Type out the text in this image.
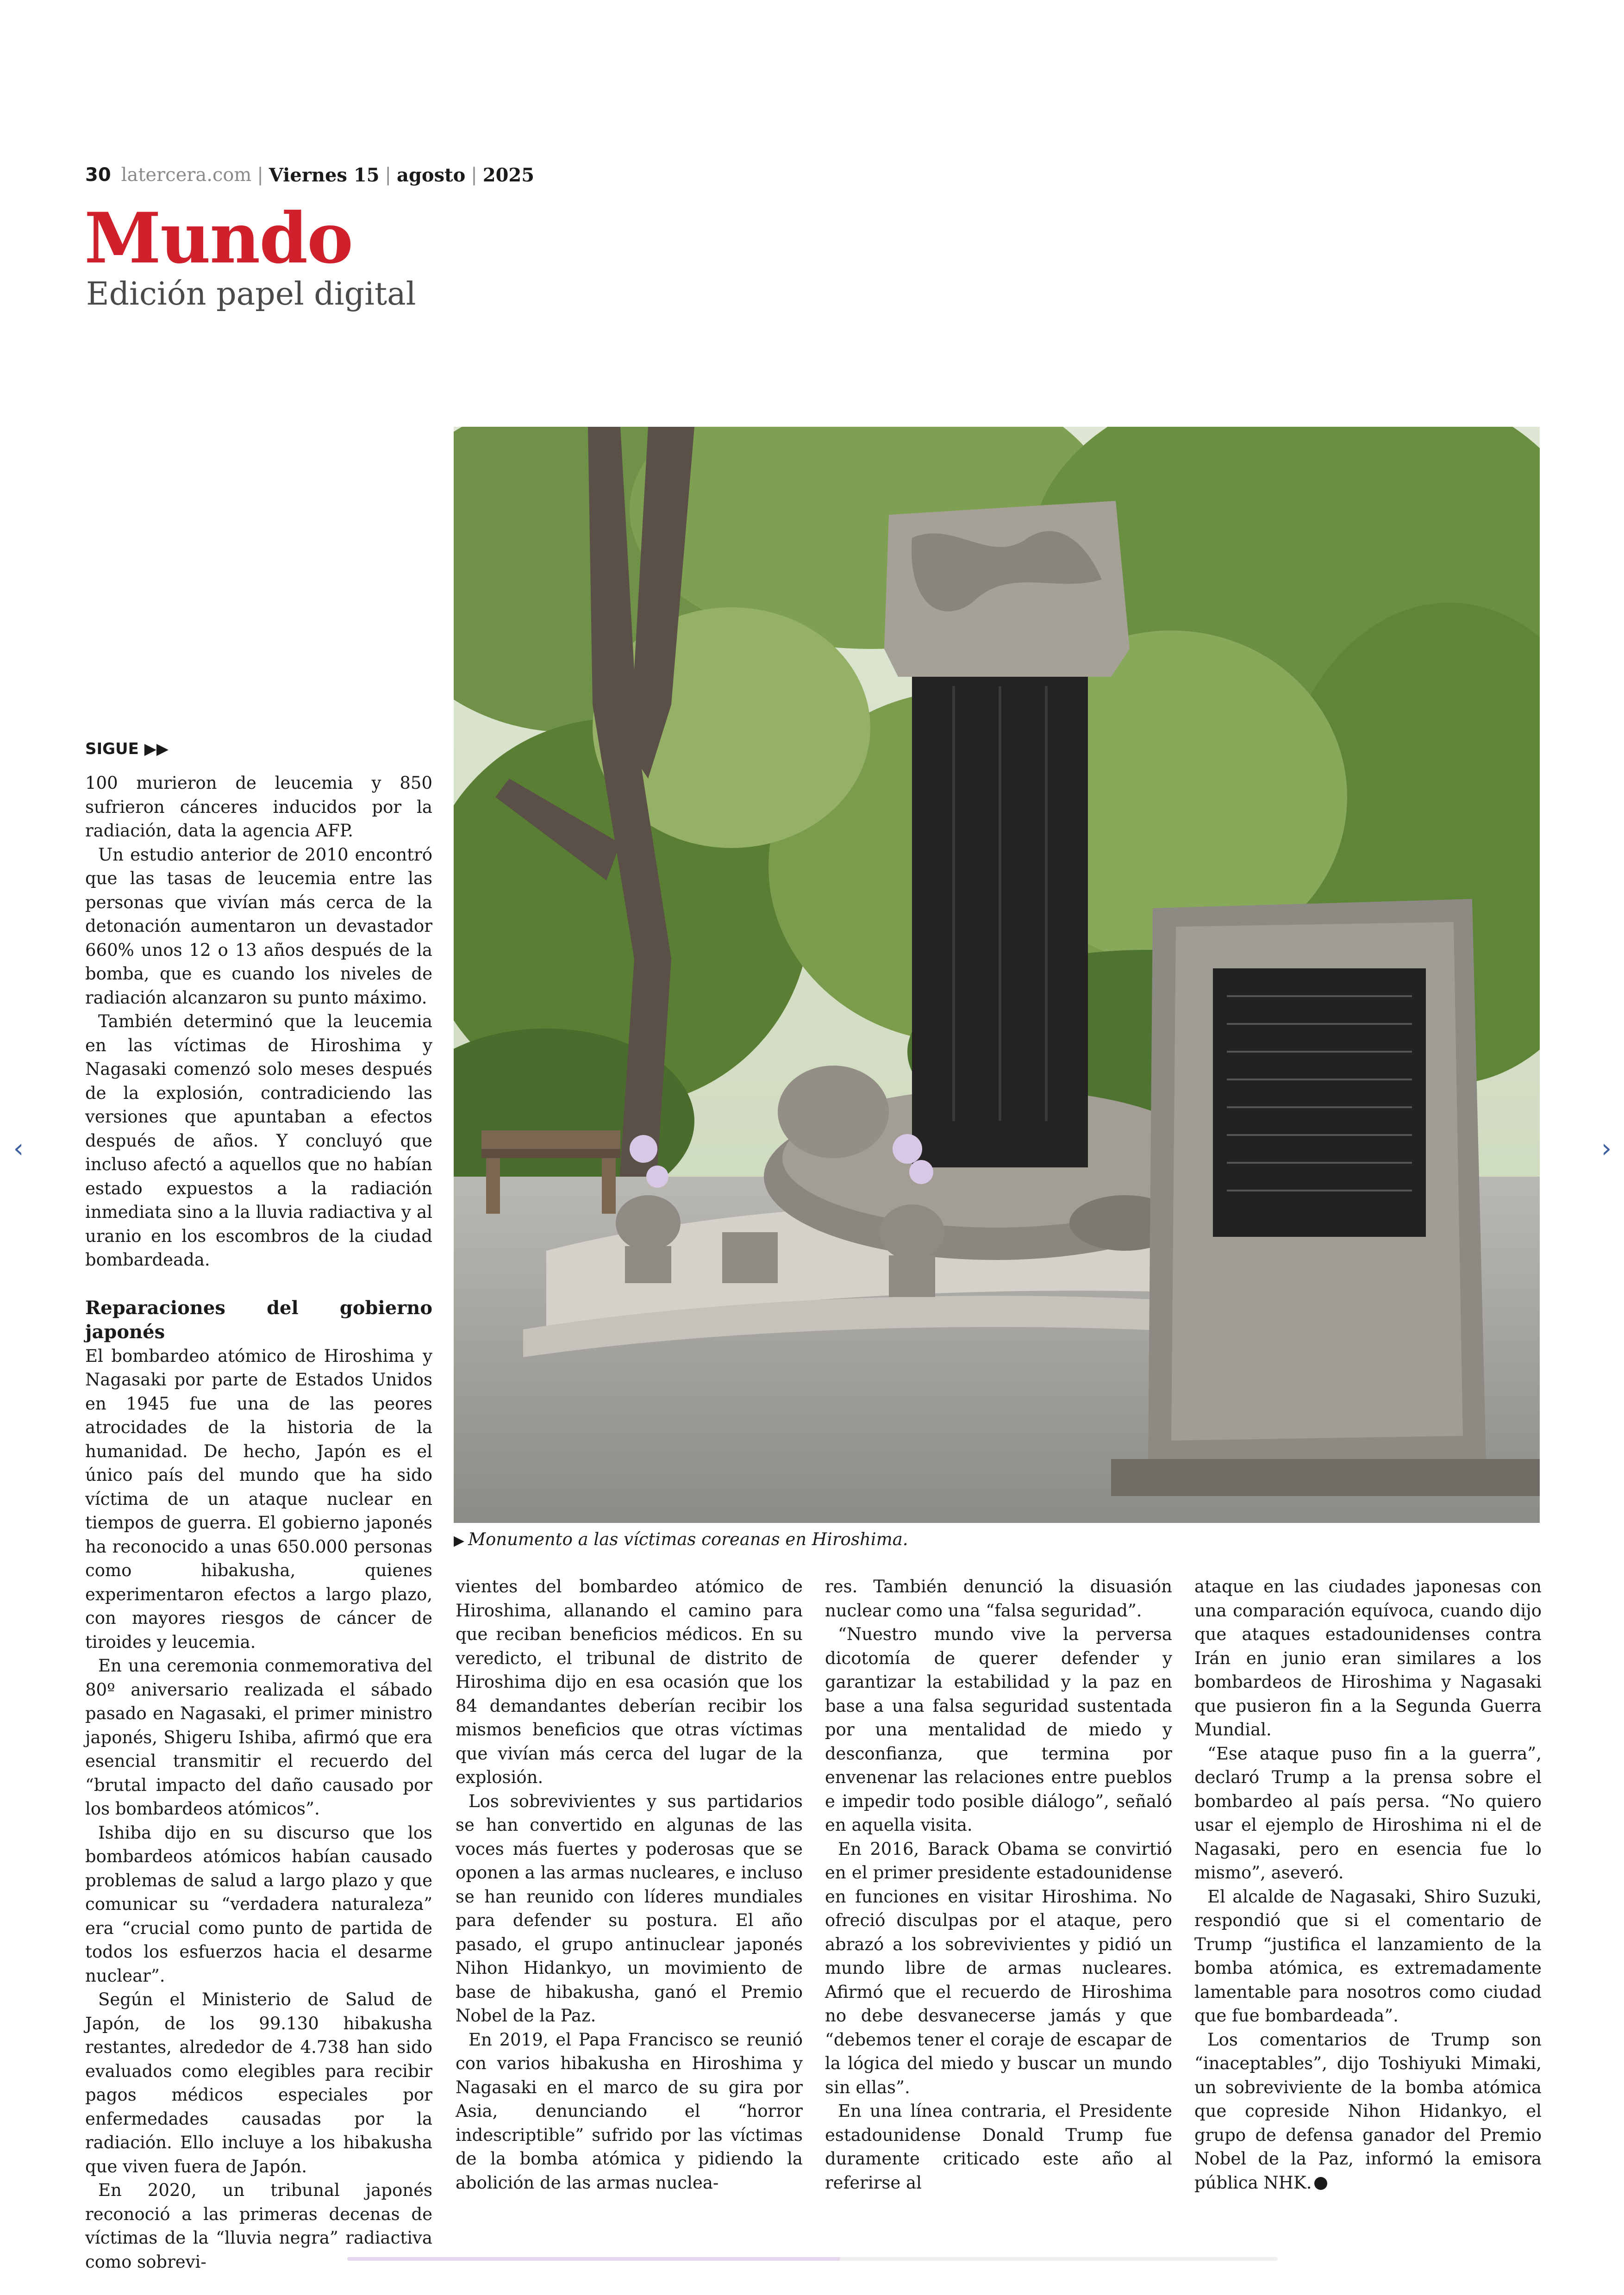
30 latercera.com | Viernes 15 | agosto | 2025
Mundo
Edición papel digital
▶ Monumento a las víctimas coreanas en Hiroshima.
SIGUE ▶▶

100 murieron de leucemia y 850 sufrieron cánceres inducidos por la radiación, data la agencia AFP.

Un estudio anterior de 2010 encontró que las tasas de leucemia entre las personas que vivían más cerca de la detonación aumentaron un devastador 660% unos 12 o 13 años después de la bomba, que es cuando los niveles de radiación alcanzaron su punto máximo.

También determinó que la leucemia en las víctimas de Hiroshima y Nagasaki comenzó solo meses después de la explosión, contradiciendo las versiones que apuntaban a efectos después de años. Y concluyó que incluso afectó a aquellos que no habían estado expuestos a la radiación inmediata sino a la lluvia radiactiva y al uranio en los escombros de la ciudad bombardeada.

Reparaciones del gobierno japonés

El bombardeo atómico de Hiroshima y Nagasaki por parte de Estados Unidos en 1945 fue una de las peores atrocidades de la historia de la humanidad. De hecho, Japón es el único país del mundo que ha sido víctima de un ataque nuclear en tiempos de guerra. El gobierno japonés ha reconocido a unas 650.000 personas como hibakusha, quienes experimentaron efectos a largo plazo, con mayores riesgos de cáncer de tiroides y leucemia.

En una ceremonia conmemorativa del 80º aniversario realizada el sábado pasado en Nagasaki, el primer ministro japonés, Shigeru Ishiba, afirmó que era esencial transmitir el recuerdo del “brutal impacto del daño causado por los bombardeos atómicos”.

Ishiba dijo en su discurso que los bombardeos atómicos habían causado problemas de salud a largo plazo y que comunicar su “verdadera naturaleza” era “crucial como punto de partida de todos los esfuerzos hacia el desarme nuclear”.

Según el Ministerio de Salud de Japón, de los 99.130 hibakusha restantes, alrededor de 4.738 han sido evaluados como elegibles para recibir pagos médicos especiales por enfermedades causadas por la radiación. Ello incluye a los hibakusha que viven fuera de Japón.

En 2020, un tribunal japonés reconoció a las primeras decenas de víctimas de la “lluvia negra” radiactiva como sobrevi-

vientes del bombardeo atómico de Hiroshima, allanando el camino para que reciban beneficios médicos. En su veredicto, el tribunal de distrito de Hiroshima dijo en esa ocasión que los 84 demandantes deberían recibir los mismos beneficios que otras víctimas que vivían más cerca del lugar de la explosión.

Los sobrevivientes y sus partidarios se han convertido en algunas de las voces más fuertes y poderosas que se oponen a las armas nucleares, e incluso se han reunido con líderes mundiales para defender su postura. El año pasado, el grupo antinuclear japonés Nihon Hidankyo, un movimiento de base de hibakusha, ganó el Premio Nobel de la Paz.

En 2019, el Papa Francisco se reunió con varios hibakusha en Hiroshima y Nagasaki en el marco de su gira por Asia, denunciando el “horror indescriptible” sufrido por las víctimas de la bomba atómica y pidiendo la abolición de las armas nuclea-

res. También denunció la disuasión nuclear como una “falsa seguridad”.

“Nuestro mundo vive la perversa dicotomía de querer defender y garantizar la estabilidad y la paz en base a una falsa seguridad sustentada por una mentalidad de miedo y desconfianza, que termina por envenenar las relaciones entre pueblos e impedir todo posible diálogo”, señaló en aquella visita.

En 2016, Barack Obama se convirtió en el primer presidente estadounidense en funciones en visitar Hiroshima. No ofreció disculpas por el ataque, pero abrazó a los sobrevivientes y pidió un mundo libre de armas nucleares. Afirmó que el recuerdo de Hiroshima no debe desvanecerse jamás y que “debemos tener el coraje de escapar de la lógica del miedo y buscar un mundo sin ellas”.

En una línea contraria, el Presidente estadounidense Donald Trump fue duramente criticado este año al referirse al

ataque en las ciudades japonesas con una comparación equívoca, cuando dijo que ataques estadounidenses contra Irán en junio eran similares a los bombardeos de Hiroshima y Nagasaki que pusieron fin a la Segunda Guerra Mundial.

“Ese ataque puso fin a la guerra”, declaró Trump a la prensa sobre el bombardeo al país persa. “No quiero usar el ejemplo de Hiroshima ni el de Nagasaki, pero en esencia fue lo mismo”, aseveró.

El alcalde de Nagasaki, Shiro Suzuki, respondió que si el comentario de Trump “justifica el lanzamiento de la bomba atómica, es extremadamente lamentable para nosotros como ciudad que fue bombardeada”.

Los comentarios de Trump son “inaceptables”, dijo Toshiyuki Mimaki, un sobreviviente de la bomba atómica que copreside Nihon Hidankyo, el grupo de defensa ganador del Premio Nobel de la Paz, informó la emisora pública NHK.

‹	›
